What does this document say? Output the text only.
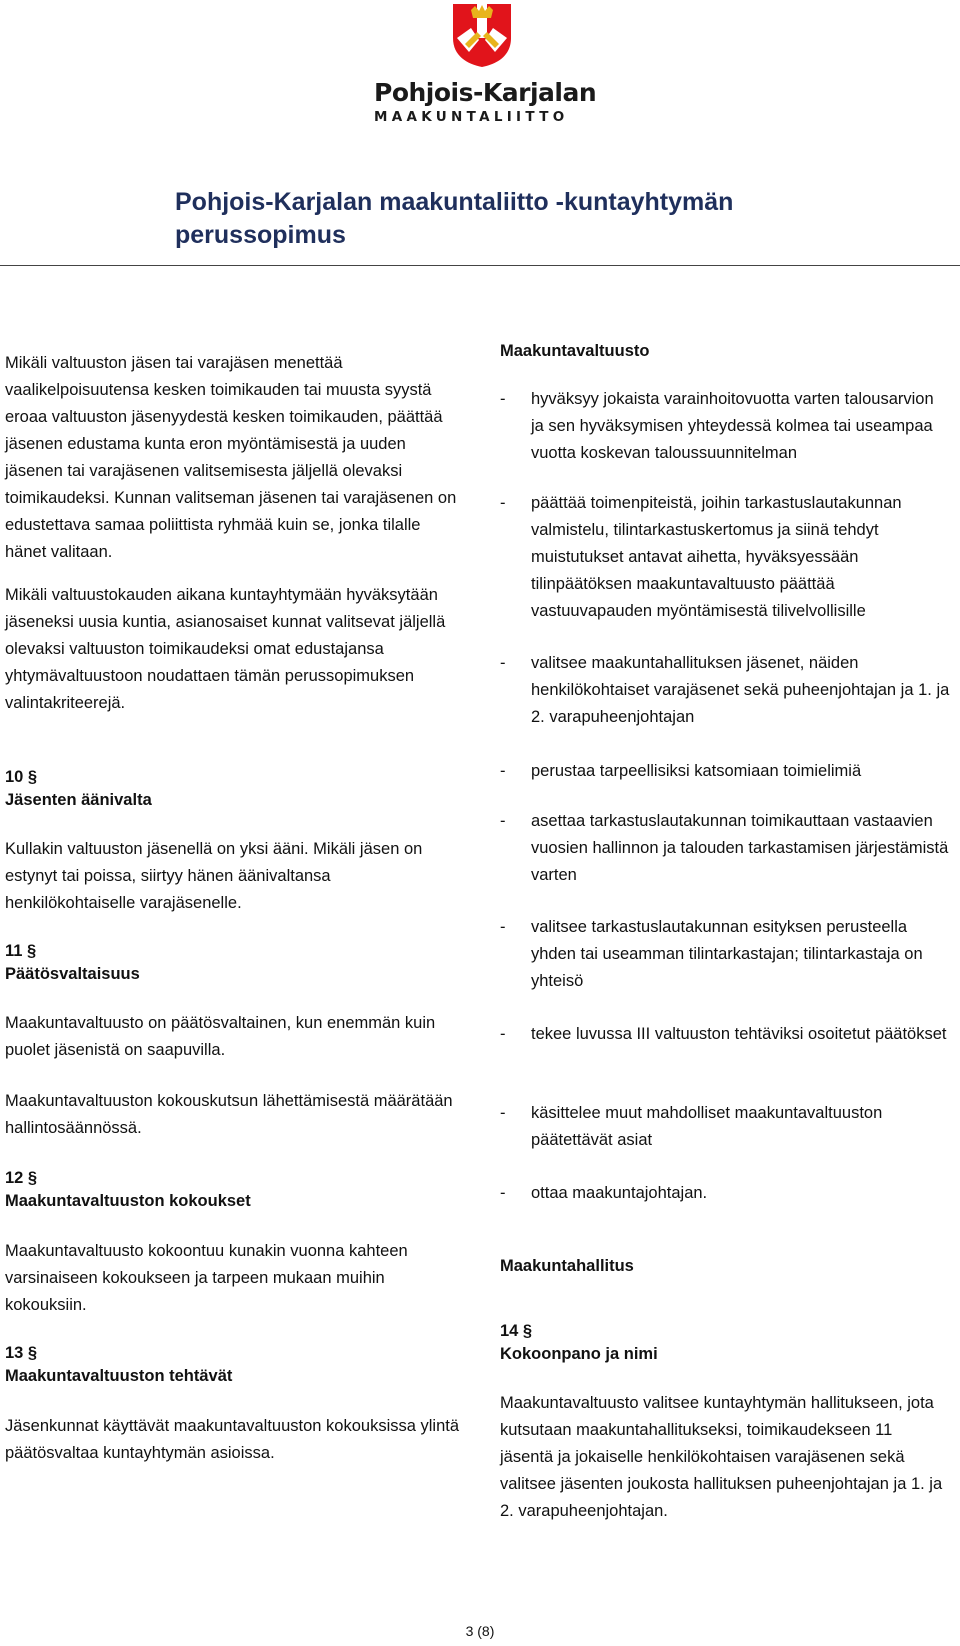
Pohjois-Karjalan
MAAKUNTALIITTO
Pohjois-Karjalan maakuntaliitto -kuntayhtymän perussopimus
Mikäli valtuuston jäsen tai varajäsen menettää vaalikelpoisuutensa kesken toimikauden tai muusta syystä eroaa valtuuston jäsenyydestä kesken toimikauden, päättää jäsenen edustama kunta eron myöntämisestä ja uuden jäsenen tai varajäsenen valitsemisesta jäljellä olevaksi toimikaudeksi. Kunnan valitseman jäsenen tai varajäsenen on edustettava samaa poliittista ryhmää kuin se, jonka tilalle hänet valitaan.
Mikäli valtuustokauden aikana kuntayhtymään hyväksytään jäseneksi uusia kuntia, asianosaiset kunnat valitsevat jäljellä olevaksi valtuuston toimikaudeksi omat edustajansa yhtymävaltuustoon noudattaen tämän perussopimuksen valintakriteerejä.
10 §
Jäsenten äänivalta
Kullakin valtuuston jäsenellä on yksi ääni. Mikäli jäsen on estynyt tai poissa, siirtyy hänen äänivaltansa henkilökohtaiselle varajäsenelle.
11 §
Päätösvaltaisuus
Maakuntavaltuusto on päätösvaltainen, kun enemmän kuin puolet jäsenistä on saapuvilla.
Maakuntavaltuuston kokouskutsun lähettämisestä määrätään hallintosäännössä.
12 §
Maakuntavaltuuston kokoukset
Maakuntavaltuusto kokoontuu kunakin vuonna kahteen varsinaiseen kokoukseen ja tarpeen mukaan muihin kokouksiin.
13 §
Maakuntavaltuuston tehtävät
Jäsenkunnat käyttävät maakuntavaltuuston kokouksissa ylintä päätösvaltaa kuntayhtymän asioissa.
Maakuntavaltuusto
- hyväksyy jokaista varainhoitovuotta varten talousarvion ja sen hyväksymisen yhteydessä kolmea tai useampaa vuotta koskevan taloussuunnitelman
- päättää toimenpiteistä, joihin tarkastuslautakunnan valmistelu, tilintarkastuskertomus ja siinä tehdyt muistutukset antavat aihetta, hyväksyessään tilinpäätöksen maakuntavaltuusto päättää vastuuvapauden myöntämisestä tilivelvollisille
- valitsee maakuntahallituksen jäsenet, näiden henkilökohtaiset varajäsenet sekä puheenjohtajan ja 1. ja 2. varapuheenjohtajan
- perustaa tarpeellisiksi katsomiaan toimielimiä
- asettaa tarkastuslautakunnan toimikauttaan vastaavien vuosien hallinnon ja talouden tarkastamisen järjestämistä varten
- valitsee tarkastuslautakunnan esityksen perusteella yhden tai useamman tilintarkastajan; tilintarkastaja on yhteisö
- tekee luvussa III valtuuston tehtäviksi osoitetut päätökset
- käsittelee muut mahdolliset maakuntavaltuuston päätettävät asiat
- ottaa maakuntajohtajan.
Maakuntahallitus
14 §
Kokoonpano ja nimi
Maakuntavaltuusto valitsee kuntayhtymän hallitukseen, jota kutsutaan maakuntahallitukseksi, toimikaudekseen 11 jäsentä ja jokaiselle henkilökohtaisen varajäsenen sekä valitsee jäsenten joukosta hallituksen puheenjohtajan ja 1. ja 2. varapuheenjohtajan.
3 (8)
